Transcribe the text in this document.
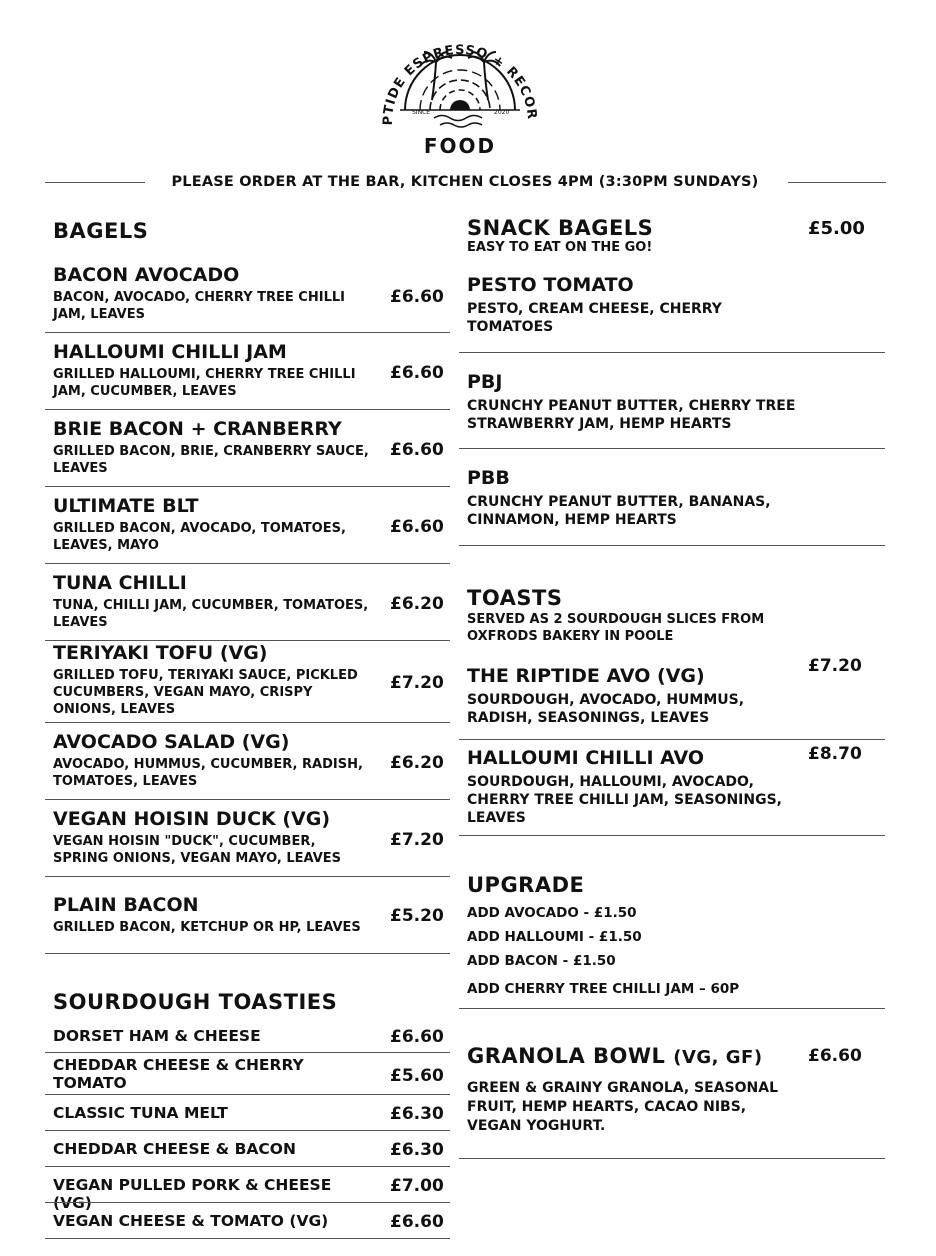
PTIDE ESPRESSO + RECOR
SINCE	2020
FOOD
PLEASE ORDER AT THE BAR, KITCHEN CLOSES 4PM (3:30PM SUNDAYS)
BAGELS
BACON AVOCADO
BACON, AVOCADO, CHERRY TREE CHILLI JAM, LEAVES
£6.60
HALLOUMI CHILLI JAM
GRILLED HALLOUMI, CHERRY TREE CHILLI JAM, CUCUMBER, LEAVES
£6.60
BRIE BACON + CRANBERRY
GRILLED BACON, BRIE, CRANBERRY SAUCE, LEAVES
£6.60
ULTIMATE BLT
GRILLED BACON, AVOCADO, TOMATOES, LEAVES, MAYO
£6.60
TUNA CHILLI
TUNA, CHILLI JAM, CUCUMBER, TOMATOES, LEAVES
£6.20
TERIYAKI TOFU (VG)
GRILLED TOFU, TERIYAKI SAUCE, PICKLED CUCUMBERS, VEGAN MAYO, CRISPY ONIONS, LEAVES
£7.20
AVOCADO SALAD (VG)
AVOCADO, HUMMUS, CUCUMBER, RADISH, TOMATOES, LEAVES
£6.20
VEGAN HOISIN DUCK (VG)
VEGAN HOISIN "DUCK", CUCUMBER, SPRING ONIONS, VEGAN MAYO, LEAVES
£7.20
PLAIN BACON
GRILLED BACON, KETCHUP OR HP, LEAVES
£5.20
SOURDOUGH TOASTIES
DORSET HAM & CHEESE	£6.60
CHEDDAR CHEESE & CHERRY TOMATO	£5.60
CLASSIC TUNA MELT	£6.30
CHEDDAR CHEESE & BACON	£6.30
VEGAN PULLED PORK & CHEESE (VG)
£7.00
VEGAN CHEESE & TOMATO (VG)	£6.60
SNACK BAGELS	£5.00
EASY TO EAT ON THE GO!
PESTO TOMATO
PESTO, CREAM CHEESE, CHERRY TOMATOES
PBJ
CRUNCHY PEANUT BUTTER, CHERRY TREE STRAWBERRY JAM, HEMP HEARTS
PBB
CRUNCHY PEANUT BUTTER, BANANAS, CINNAMON, HEMP HEARTS
TOASTS
SERVED AS 2 SOURDOUGH SLICES FROM OXFRODS BAKERY IN POOLE
THE RIPTIDE AVO (VG)
SOURDOUGH, AVOCADO, HUMMUS, RADISH, SEASONINGS, LEAVES
£7.20
HALLOUMI CHILLI AVO
SOURDOUGH, HALLOUMI, AVOCADO, CHERRY TREE CHILLI JAM, SEASONINGS, LEAVES
£8.70
UPGRADE
ADD AVOCADO - £1.50
ADD HALLOUMI - £1.50
ADD BACON - £1.50
ADD CHERRY TREE CHILLI JAM – 60P
GRANOLA BOWL (VG, GF)	£6.60
GREEN & GRAINY GRANOLA, SEASONAL FRUIT, HEMP HEARTS, CACAO NIBS, VEGAN YOGHURT.
